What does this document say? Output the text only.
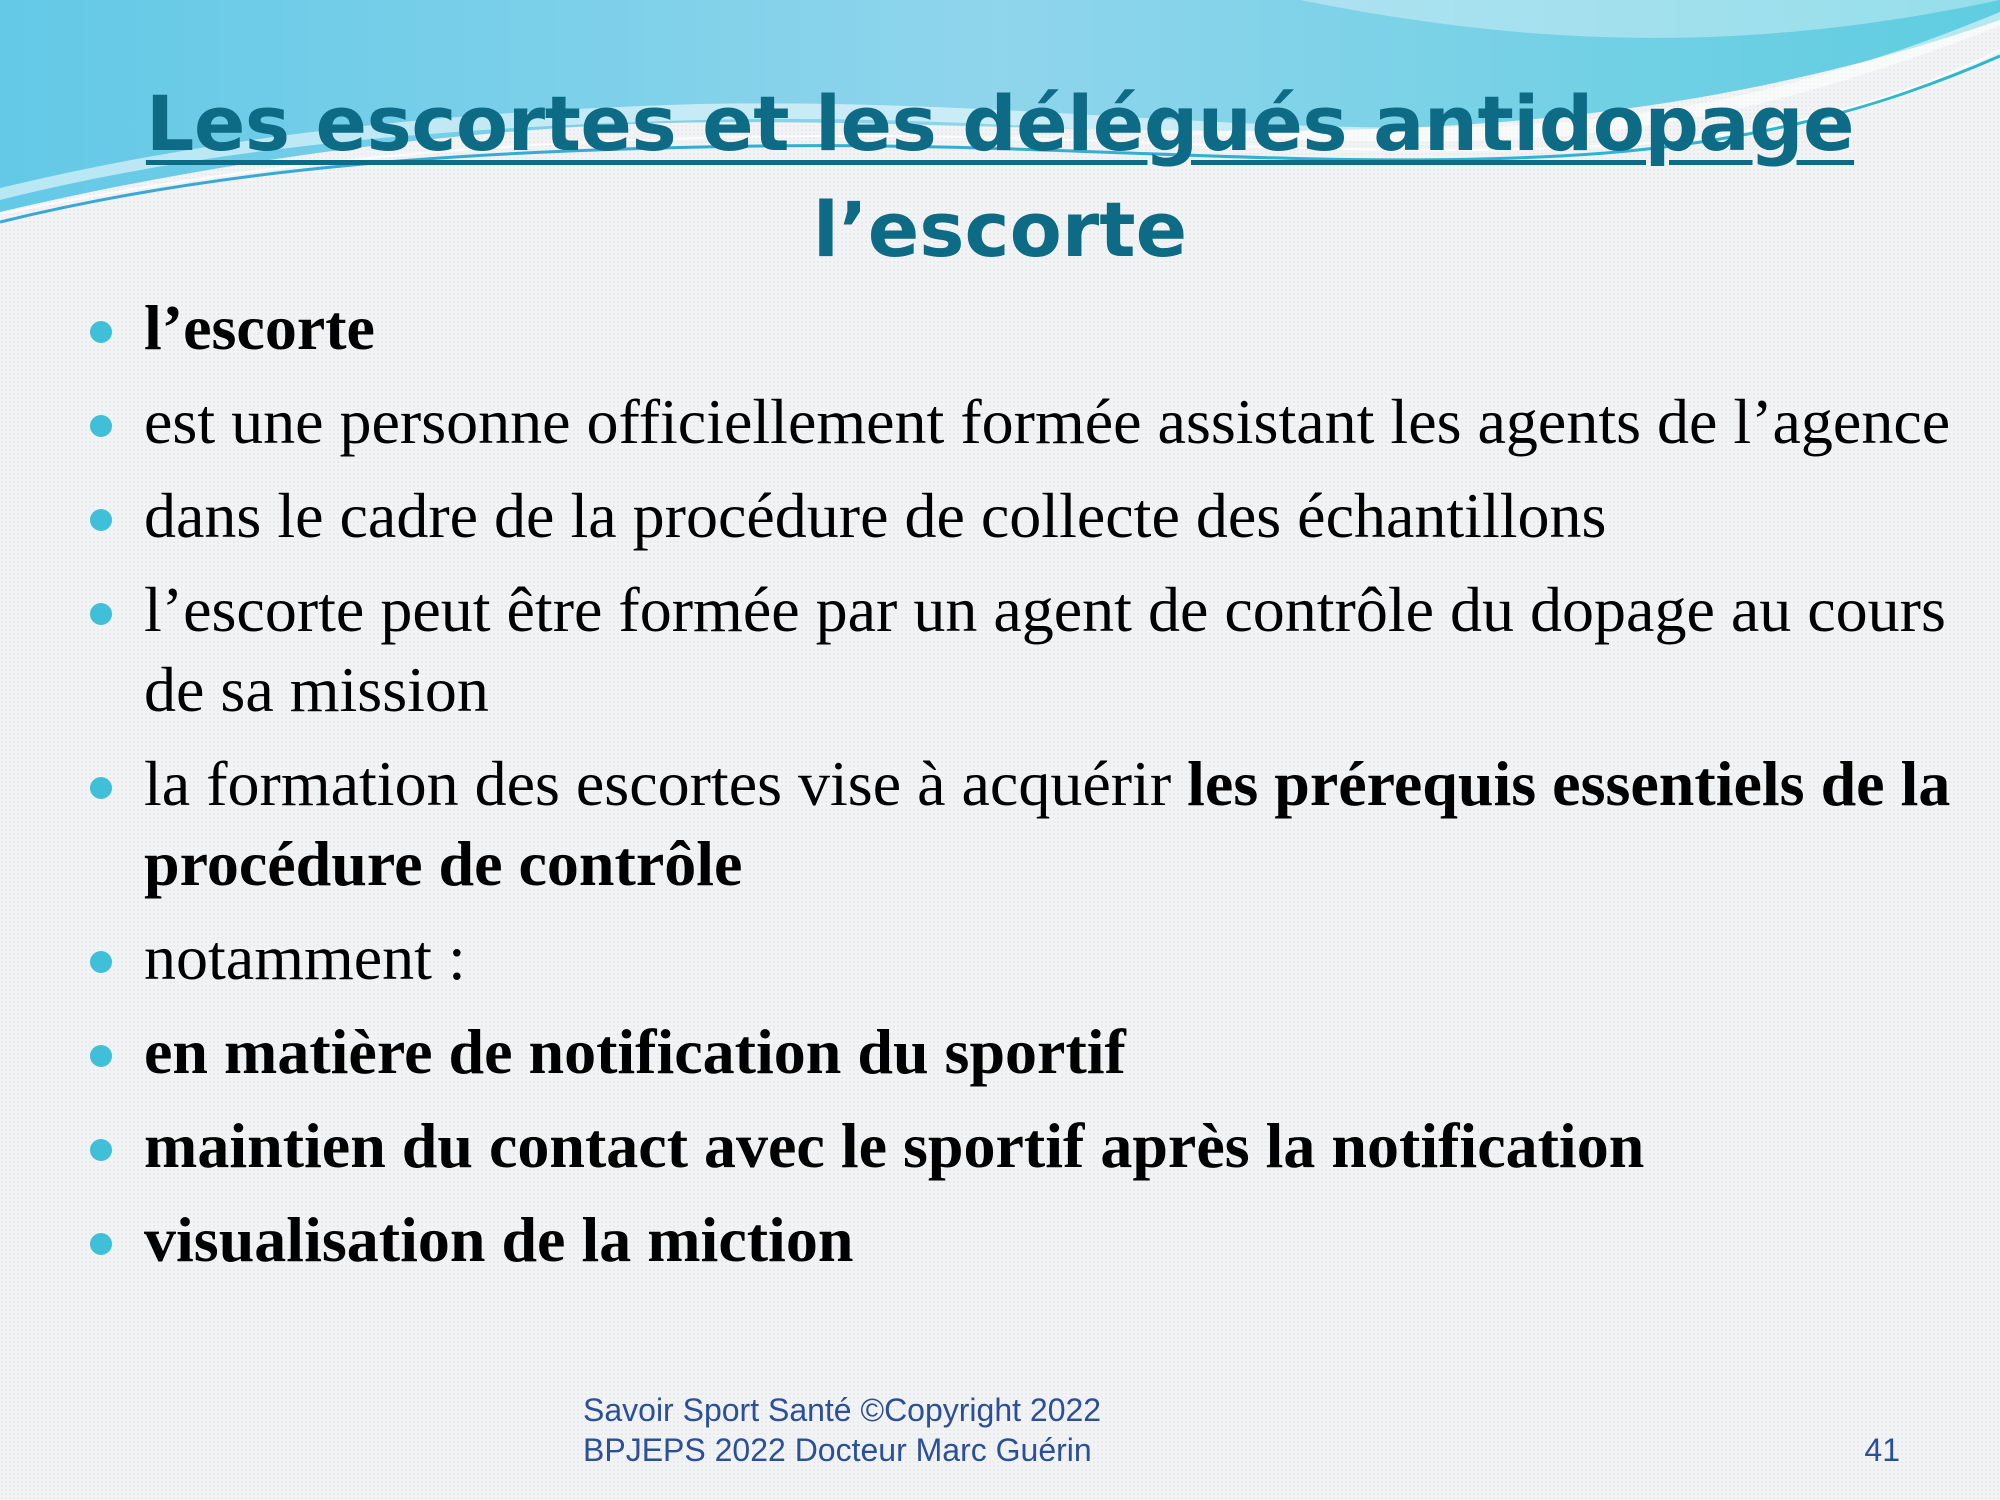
Les escortes et les délégués antidopage
l’escorte
l’escorte
est une personne officiellement formée assistant les agents de l’agence
dans le cadre de la procédure de collecte des échantillons
l’escorte peut être formée par un agent de contrôle du dopage au cours de sa mission
la formation des escortes vise à acquérir les prérequis essentiels de la procédure de contrôle
notamment :
en matière de notification du sportif
maintien du contact avec le sportif après la notification
visualisation de la miction
Savoir Sport Santé ©Copyright 2022
BPJEPS 2022 Docteur Marc Guérin	41
